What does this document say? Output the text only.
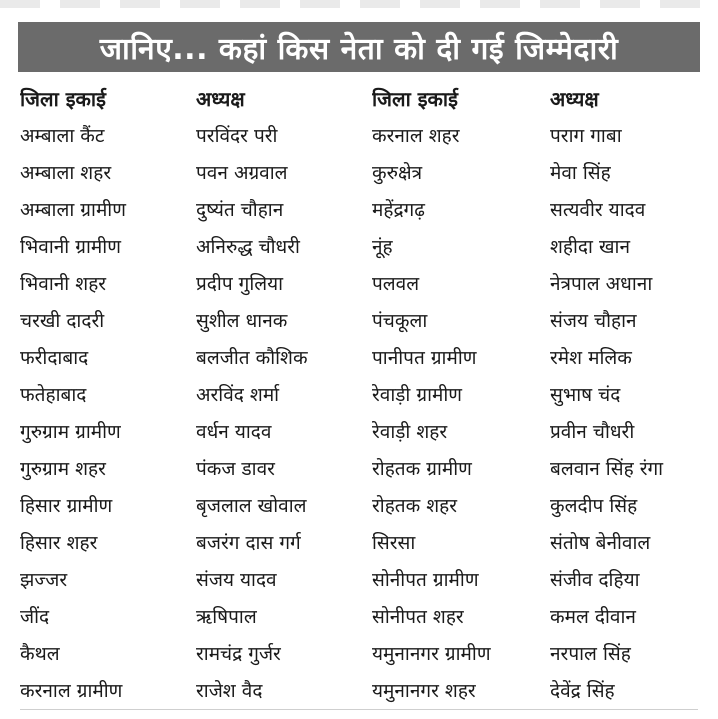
जानिए... कहां किस नेता को दी गई जिम्मेदारी
जिला इकाई	अध्यक्ष	जिला इकाई	अध्यक्ष
अम्बाला कैंट	परविंदर परी	करनाल शहर	पराग गाबा
अम्बाला शहर	पवन अग्रवाल	कुरुक्षेत्र	मेवा सिंह
अम्बाला ग्रामीण	दुष्यंत चौहान	महेंद्रगढ़	सत्यवीर यादव
भिवानी ग्रामीण	अनिरुद्ध चौधरी	नूंह	शहीदा खान
भिवानी शहर	प्रदीप गुलिया	पलवल	नेत्रपाल अधाना
चरखी दादरी	सुशील धानक	पंचकूला	संजय चौहान
फरीदाबाद	बलजीत कौशिक	पानीपत ग्रामीण	रमेश मलिक
फतेहाबाद	अरविंद शर्मा	रेवाड़ी ग्रामीण	सुभाष चंद
गुरुग्राम ग्रामीण	वर्धन यादव	रेवाड़ी शहर	प्रवीन चौधरी
गुरुग्राम शहर	पंकज डावर	रोहतक ग्रामीण	बलवान सिंह रंगा
हिसार ग्रामीण	बृजलाल खोवाल	रोहतक शहर	कुलदीप सिंह
हिसार शहर	बजरंग दास गर्ग	सिरसा	संतोष बेनीवाल
झज्जर	संजय यादव	सोनीपत ग्रामीण	संजीव दहिया
जींद	ऋषिपाल	सोनीपत शहर	कमल दीवान
कैथल	रामचंद्र गुर्जर	यमुनानगर ग्रामीण	नरपाल सिंह
करनाल ग्रामीण	राजेश वैद	यमुनानगर शहर	देवेंद्र सिंह
